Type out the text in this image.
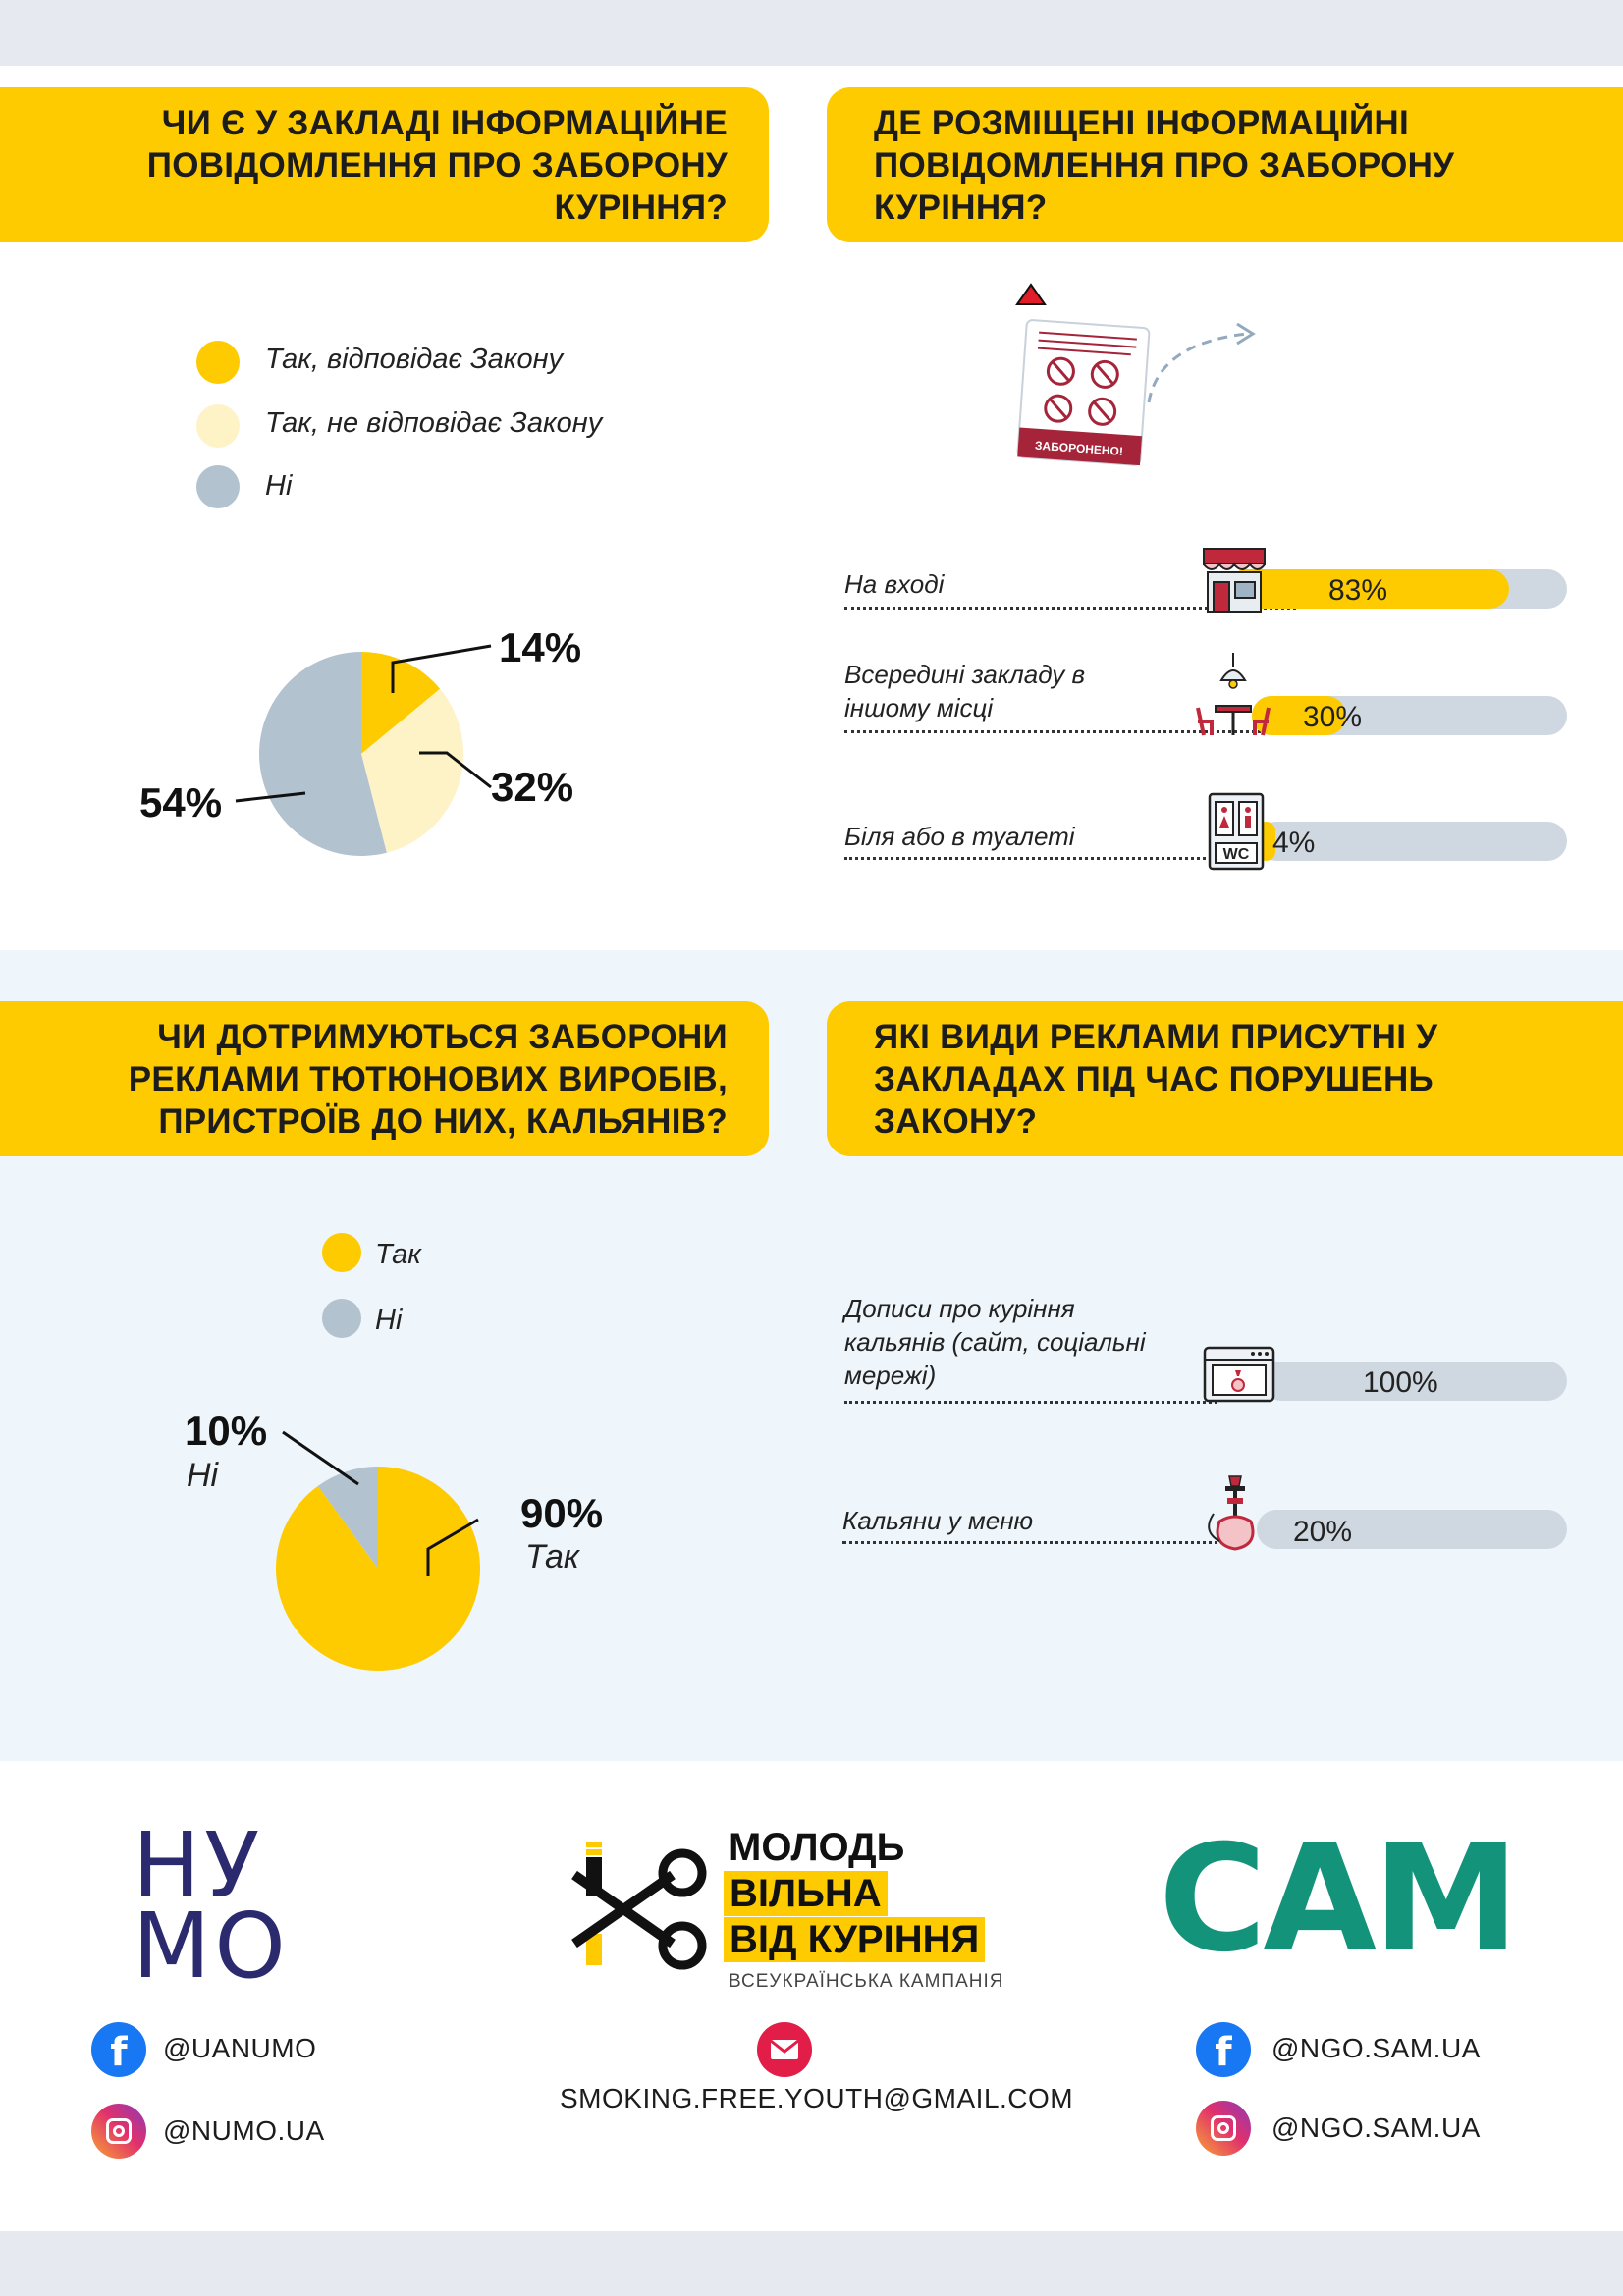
ЧИ Є У ЗАКЛАДІ ІНФОРМАЦІЙНЕ
ПОВІДОМЛЕННЯ ПРО ЗАБОРОНУ
КУРІННЯ?
ДЕ РОЗМІЩЕНІ ІНФОРМАЦІЙНІ
ПОВІДОМЛЕННЯ ПРО ЗАБОРОНУ
КУРІННЯ?
Так, відповідає Закону
Так, не відповідає Закону
Ні
14%
32%
54%
ЗАБОРОНЕНО!
На вході	83%
Всередині закладу в
іншому місці	30%
Біля або в туалеті	4%
WC
ЧИ ДОТРИМУЮТЬСЯ ЗАБОРОНИ
РЕКЛАМИ ТЮТЮНОВИХ ВИРОБІВ,
ПРИСТРОЇВ ДО НИХ, КАЛЬЯНІВ?
ЯКІ ВИДИ РЕКЛАМИ ПРИСУТНІ У
ЗАКЛАДАХ ПІД ЧАС ПОРУШЕНЬ
ЗАКОНУ?
Так
Ні
10%
Ні
90%
Так
Дописи про куріння
кальянів (сайт, соціальні
мережі)	100%
Кальяни у меню	20%
НУ
МО
f	@UANUMO
@NUMO.UA
МОЛОДЬ
ВІЛЬНА
ВІД КУРІННЯ
ВСЕУКРАЇНСЬКА КАМПАНІЯ
SMOKING.FREE.YOUTH@GMAIL.COM
САМ
f	@NGO.SAM.UA
@NGO.SAM.UA
